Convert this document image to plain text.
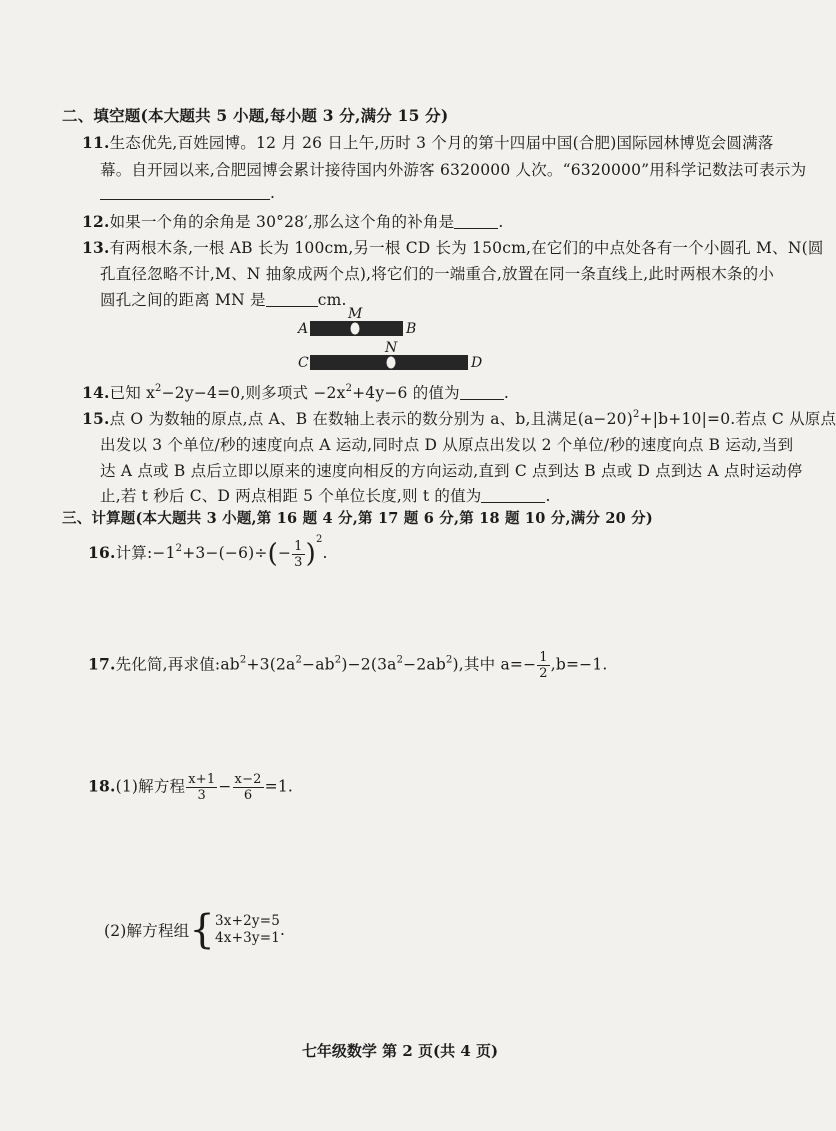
二、填空题(本大题共 5 小题,每小题 3 分,满分 15 分)
11.生态优先,百姓园博。12 月 26 日上午,历时 3 个月的第十四届中国(合肥)国际园林博览会圆满落
幕。自开园以来,合肥园博会累计接待国内外游客 6320000 人次。“6320000”用科学记数法可表示为
.
12.如果一个角的余角是 30°28′,那么这个角的补角是	.
13.有两根木条,一根 AB 长为 100cm,另一根 CD 长为 150cm,在它们的中点处各有一个小圆孔 M、N(圆
孔直径忽略不计,M、N 抽象成两个点),将它们的一端重合,放置在同一条直线上,此时两根木条的小
圆孔之间的距离 MN 是	cm.
A
M
B
C
N
D
14.已知 $x^2-2y-4=0$,则多项式 $-2x^2+4y-6$ 的值为	.
15.点 O 为数轴的原点,点 A、B 在数轴上表示的数分别为 a、b,且满足$(a-20)^2+|b+10|=0$.若点 C 从原点
出发以 3 个单位/秒的速度向点 A 运动,同时点 D 从原点出发以 2 个单位/秒的速度向点 B 运动,当到
达 A 点或 B 点后立即以原来的速度向相反的方向运动,直到 C 点到达 B 点或 D 点到达 A 点时运动停
止,若 t 秒后 C、D 两点相距 5 个单位长度,则 t 的值为	.
三、计算题(本大题共 3 小题,第 16 题 4 分,第 17 题 6 分,第 18 题 10 分,满分 20 分)
16.计算$:-1^2+3-(-6)\div(- \frac{1}{3} )^2$.
17.先化简,再求值$:ab^2+3(2a^2-ab^2)-2(3a^2-2ab^2)$,其中 $a=- \frac{1}{2} ,b=-1$.
18.(1)解方程 $\frac{x+1}{3} - \frac{x-2}{6} =1$.
(2)解方程组{ 3x+2y=5
4x+3y=1 .
七年级数学 第 2 页(共 4 页)
